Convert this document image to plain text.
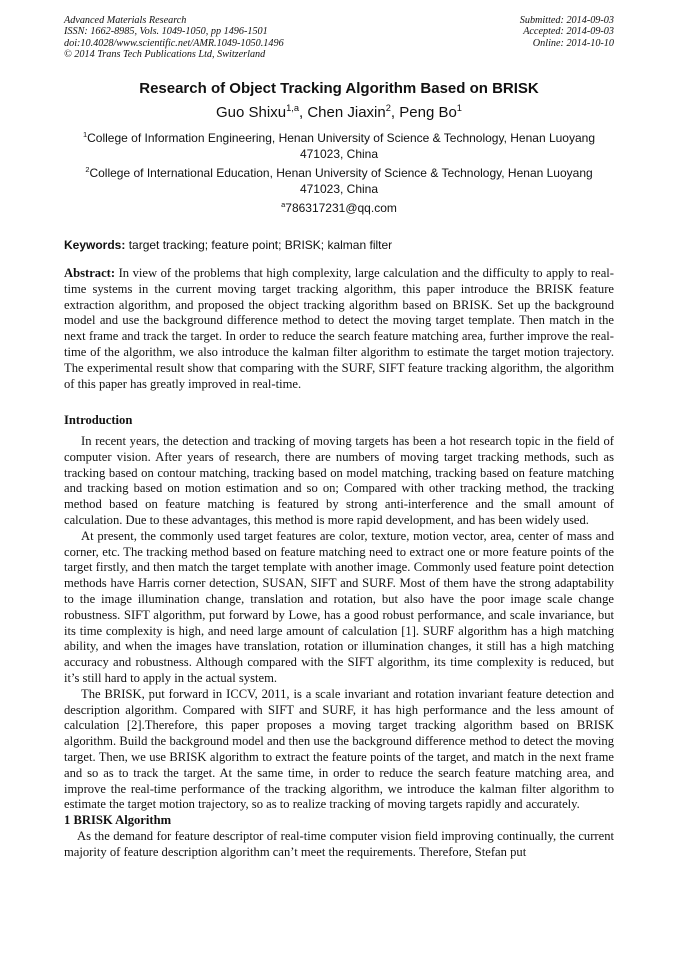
Advanced Materials Research
ISSN: 1662-8985, Vols. 1049-1050, pp 1496-1501
doi:10.4028/www.scientific.net/AMR.1049-1050.1496
© 2014 Trans Tech Publications Ltd, Switzerland
Submitted: 2014-09-03
Accepted: 2014-09-03
Online: 2014-10-10
Research of Object Tracking Algorithm Based on BRISK
Guo Shixu$^{1,a}$, Chen Jiaxin$^2$, Peng Bo$^1$
$^1$College of Information Engineering, Henan University of Science & Technology, Henan Luoyang 471023, China
$^2$College of International Education, Henan University of Science & Technology, Henan Luoyang 471023, China
$^a$786317231@qq.com
Keywords: target tracking; feature point; BRISK; kalman filter

Abstract: In view of the problems that high complexity, large calculation and the difficulty to apply to real-time systems in the current moving target tracking algorithm, this paper introduce the BRISK feature extraction algorithm, and proposed the object tracking algorithm based on BRISK. Set up the background model and use the background difference method to detect the moving target template. Then match in the next frame and track the target. In order to reduce the search feature matching area, further improve the real-time of the algorithm, we also introduce the kalman filter algorithm to estimate the target motion trajectory. The experimental result show that comparing with the SURF, SIFT feature tracking algorithm, the algorithm of this paper has greatly improved in real-time.

Introduction

In recent years, the detection and tracking of moving targets has been a hot research topic in the field of computer vision. After years of research, there are numbers of moving target tracking methods, such as tracking based on contour matching, tracking based on model matching, tracking based on feature matching and tracking based on motion estimation and so on; Compared with other tracking method, the tracking method based on feature matching is featured by strong anti-interference and the small amount of calculation. Due to these advantages, this method is more rapid development, and has been widely used.

At present, the commonly used target features are color, texture, motion vector, area, center of mass and corner, etc. The tracking method based on feature matching need to extract one or more feature points of the target firstly, and then match the target template with another image. Commonly used feature point detection methods have Harris corner detection, SUSAN, SIFT and SURF. Most of them have the strong adaptability to the image illumination change, translation and rotation, but also have the poor image scale change robustness. SIFT algorithm, put forward by Lowe, has a good robust performance, and scale invariance, but its time complexity is high, and need large amount of calculation [1]. SURF algorithm has a high matching ability, and when the images have translation, rotation or illumination changes, it still has a high matching accuracy and robustness. Although compared with the SIFT algorithm, its time complexity is reduced, but it’s still hard to apply in the actual system.

The BRISK, put forward in ICCV, 2011, is a scale invariant and rotation invariant feature detection and description algorithm. Compared with SIFT and SURF, it has high performance and the less amount of calculation [2].Therefore, this paper proposes a moving target tracking algorithm based on BRISK algorithm. Build the background model and then use the background difference method to detect the moving target. Then, we use BRISK algorithm to extract the feature points of the target, and match in the next frame and so as to track the target. At the same time, in order to reduce the search feature matching area, and improve the real-time performance of the tracking algorithm, we introduce the kalman filter algorithm to estimate the target motion trajectory, so as to realize tracking of moving targets rapidly and accurately.

1 BRISK Algorithm

As the demand for feature descriptor of real-time computer vision field improving continually, the current majority of feature description algorithm can’t meet the requirements. Therefore, Stefan put
